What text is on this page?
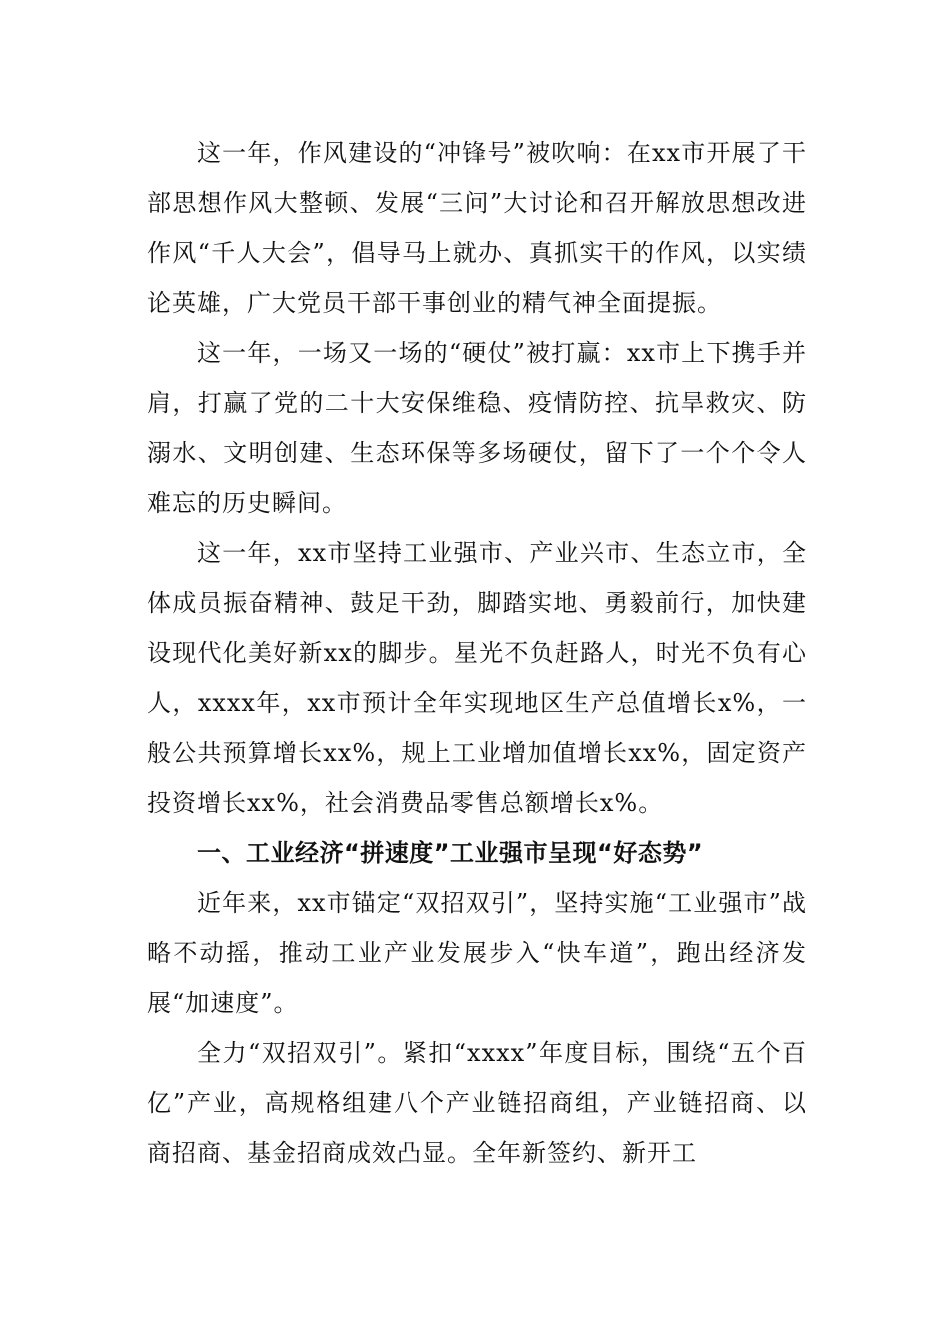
这一年，作风建设的“冲锋号”被吹响：在xx市开展了干部思想作风大整顿、发展“三问”大讨论和召开解放思想改进作风“千人大会”，倡导马上就办、真抓实干的作风，以实绩论英雄，广大党员干部干事创业的精气神全面提振。

这一年，一场又一场的“硬仗”被打赢：xx市上下携手并肩，打赢了党的二十大安保维稳、疫情防控、抗旱救灾、防溺水、文明创建、生态环保等多场硬仗，留下了一个个令人难忘的历史瞬间。

这一年，xx市坚持工业强市、产业兴市、生态立市，全体成员振奋精神、鼓足干劲，脚踏实地、勇毅前行，加快建设现代化美好新xx的脚步。星光不负赶路人，时光不负有心人，xxxx年，xx市预计全年实现地区生产总值增长x%，一般公共预算增长xx%，规上工业增加值增长xx%，固定资产投资增长xx%，社会消费品零售总额增长x%。

一、工业经济“拼速度”工业强市呈现“好态势”

近年来，xx市锚定“双招双引”，坚持实施“工业强市”战略不动摇，推动工业产业发展步入“快车道”，跑出经济发展“加速度”。

全力“双招双引”。紧扣“xxxx”年度目标，围绕“五个百亿”产业，高规格组建八个产业链招商组，产业链招商、以商招商、基金招商成效凸显。全年新签约、新开工
